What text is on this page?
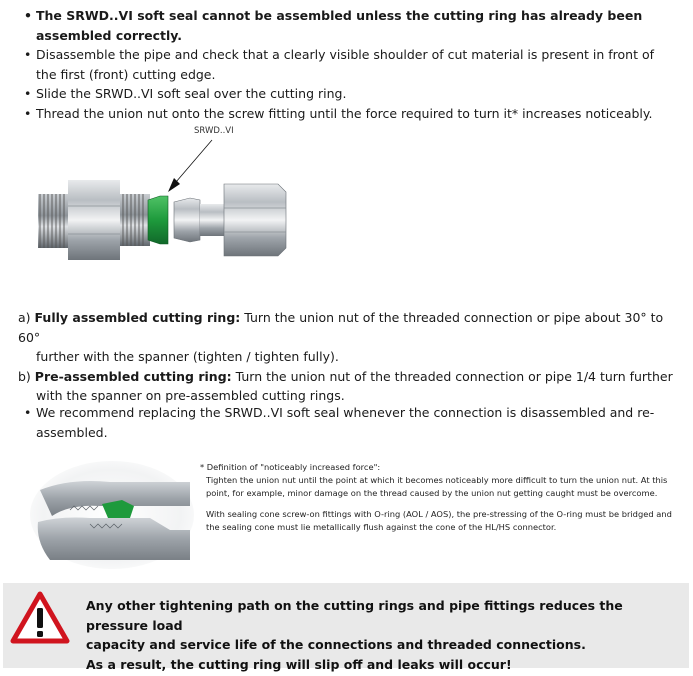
• The SRWD..VI soft seal cannot be assembled unless the cutting ring has already been assembled correctly.
• Disassemble the pipe and check that a clearly visible shoulder of cut material is present in front of the first (front) cutting edge.
• Slide the SRWD..VI soft seal over the cutting ring.
• Thread the union nut onto the screw fitting until the force required to turn it* increases noticeably.
SRWD..VI
a) Fully assembled cutting ring: Turn the union nut of the threaded connection or pipe about 30° to 60°
further with the spanner (tighten / tighten fully).
b) Pre-assembled cutting ring: Turn the union nut of the threaded connection or pipe 1/4 turn further
with the spanner on pre-assembled cutting rings.
• We recommend replacing the SRWD..VI soft seal whenever the connection is disassembled and re-assembled.

* Definition of "noticeably increased force":

Tighten the union nut until the point at which it becomes noticeably more difficult to turn the union nut. At this point, for example, minor damage on the thread caused by the union nut getting caught must be overcome.

With sealing cone screw-on fittings with O-ring (AOL / AOS), the pre-stressing of the O-ring must be bridged and the sealing cone must lie metallically flush against the cone of the HL/HS connector.

Any other tightening path on the cutting rings and pipe fittings reduces the pressure load
capacity and service life of the connections and threaded connections.
As a result, the cutting ring will slip off and leaks will occur!
